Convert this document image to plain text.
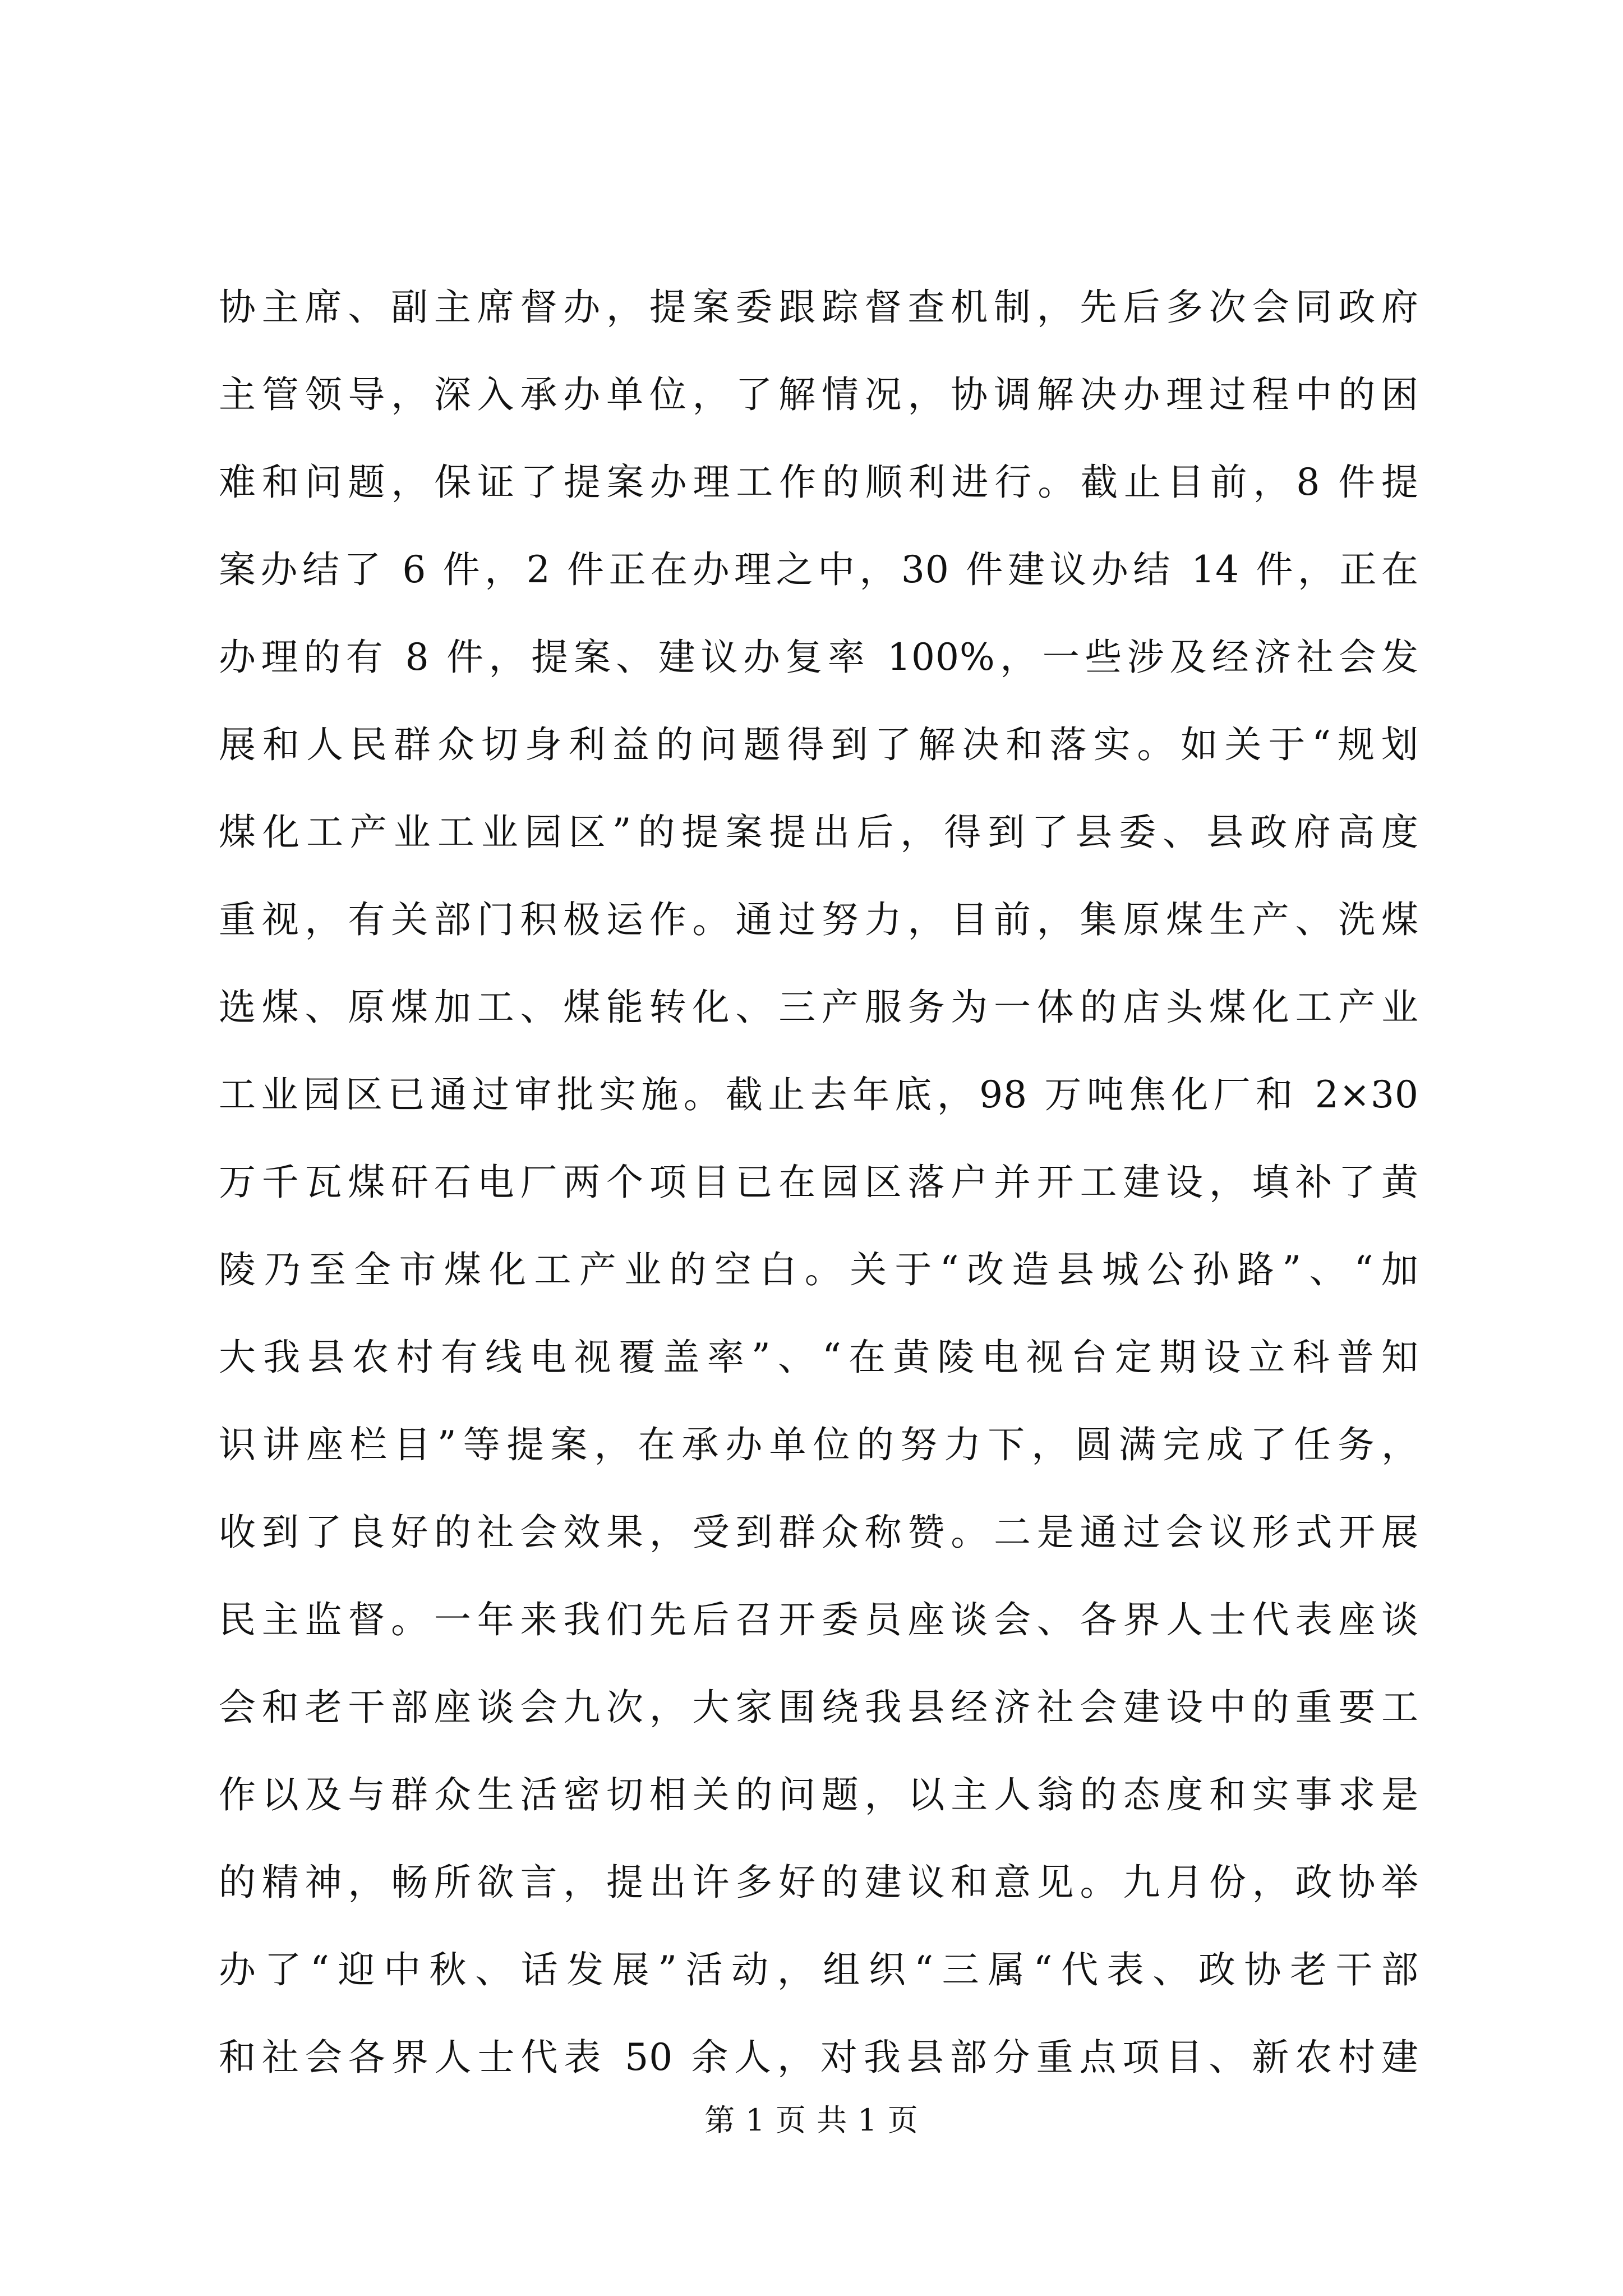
协主席、副主席督办，提案委跟踪督查机制，先后多次会同政府
主管领导，深入承办单位，了解情况，协调解决办理过程中的困
难和问题，保证了提案办理工作的顺利进行。截止目前，8 件提
案办结了 6 件，2 件正在办理之中，30 件建议办结 14 件，正在
办理的有 8 件，提案、建议办复率 100%，一些涉及经济社会发
展和人民群众切身利益的问题得到了解决和落实。如关于“规划
煤化工产业工业园区”的提案提出后，得到了县委、县政府高度
重视，有关部门积极运作。通过努力，目前，集原煤生产、洗煤
选煤、原煤加工、煤能转化、三产服务为一体的店头煤化工产业
工业园区已通过审批实施。截止去年底，98 万吨焦化厂和 2×30
万千瓦煤矸石电厂两个项目已在园区落户并开工建设，填补了黄
陵乃至全市煤化工产业的空白。关于“改造县城公孙路”、“加
大我县农村有线电视覆盖率”、“在黄陵电视台定期设立科普知
识讲座栏目”等提案，在承办单位的努力下，圆满完成了任务，
收到了良好的社会效果，受到群众称赞。二是通过会议形式开展
民主监督。一年来我们先后召开委员座谈会、各界人士代表座谈
会和老干部座谈会九次，大家围绕我县经济社会建设中的重要工
作以及与群众生活密切相关的问题，以主人翁的态度和实事求是
的精神，畅所欲言，提出许多好的建议和意见。九月份，政协举
办了“迎中秋、话发展”活动，组织“三属“代表、政协老干部
和社会各界人士代表 50 余人，对我县部分重点项目、新农村建
第 1 页 共 1 页
